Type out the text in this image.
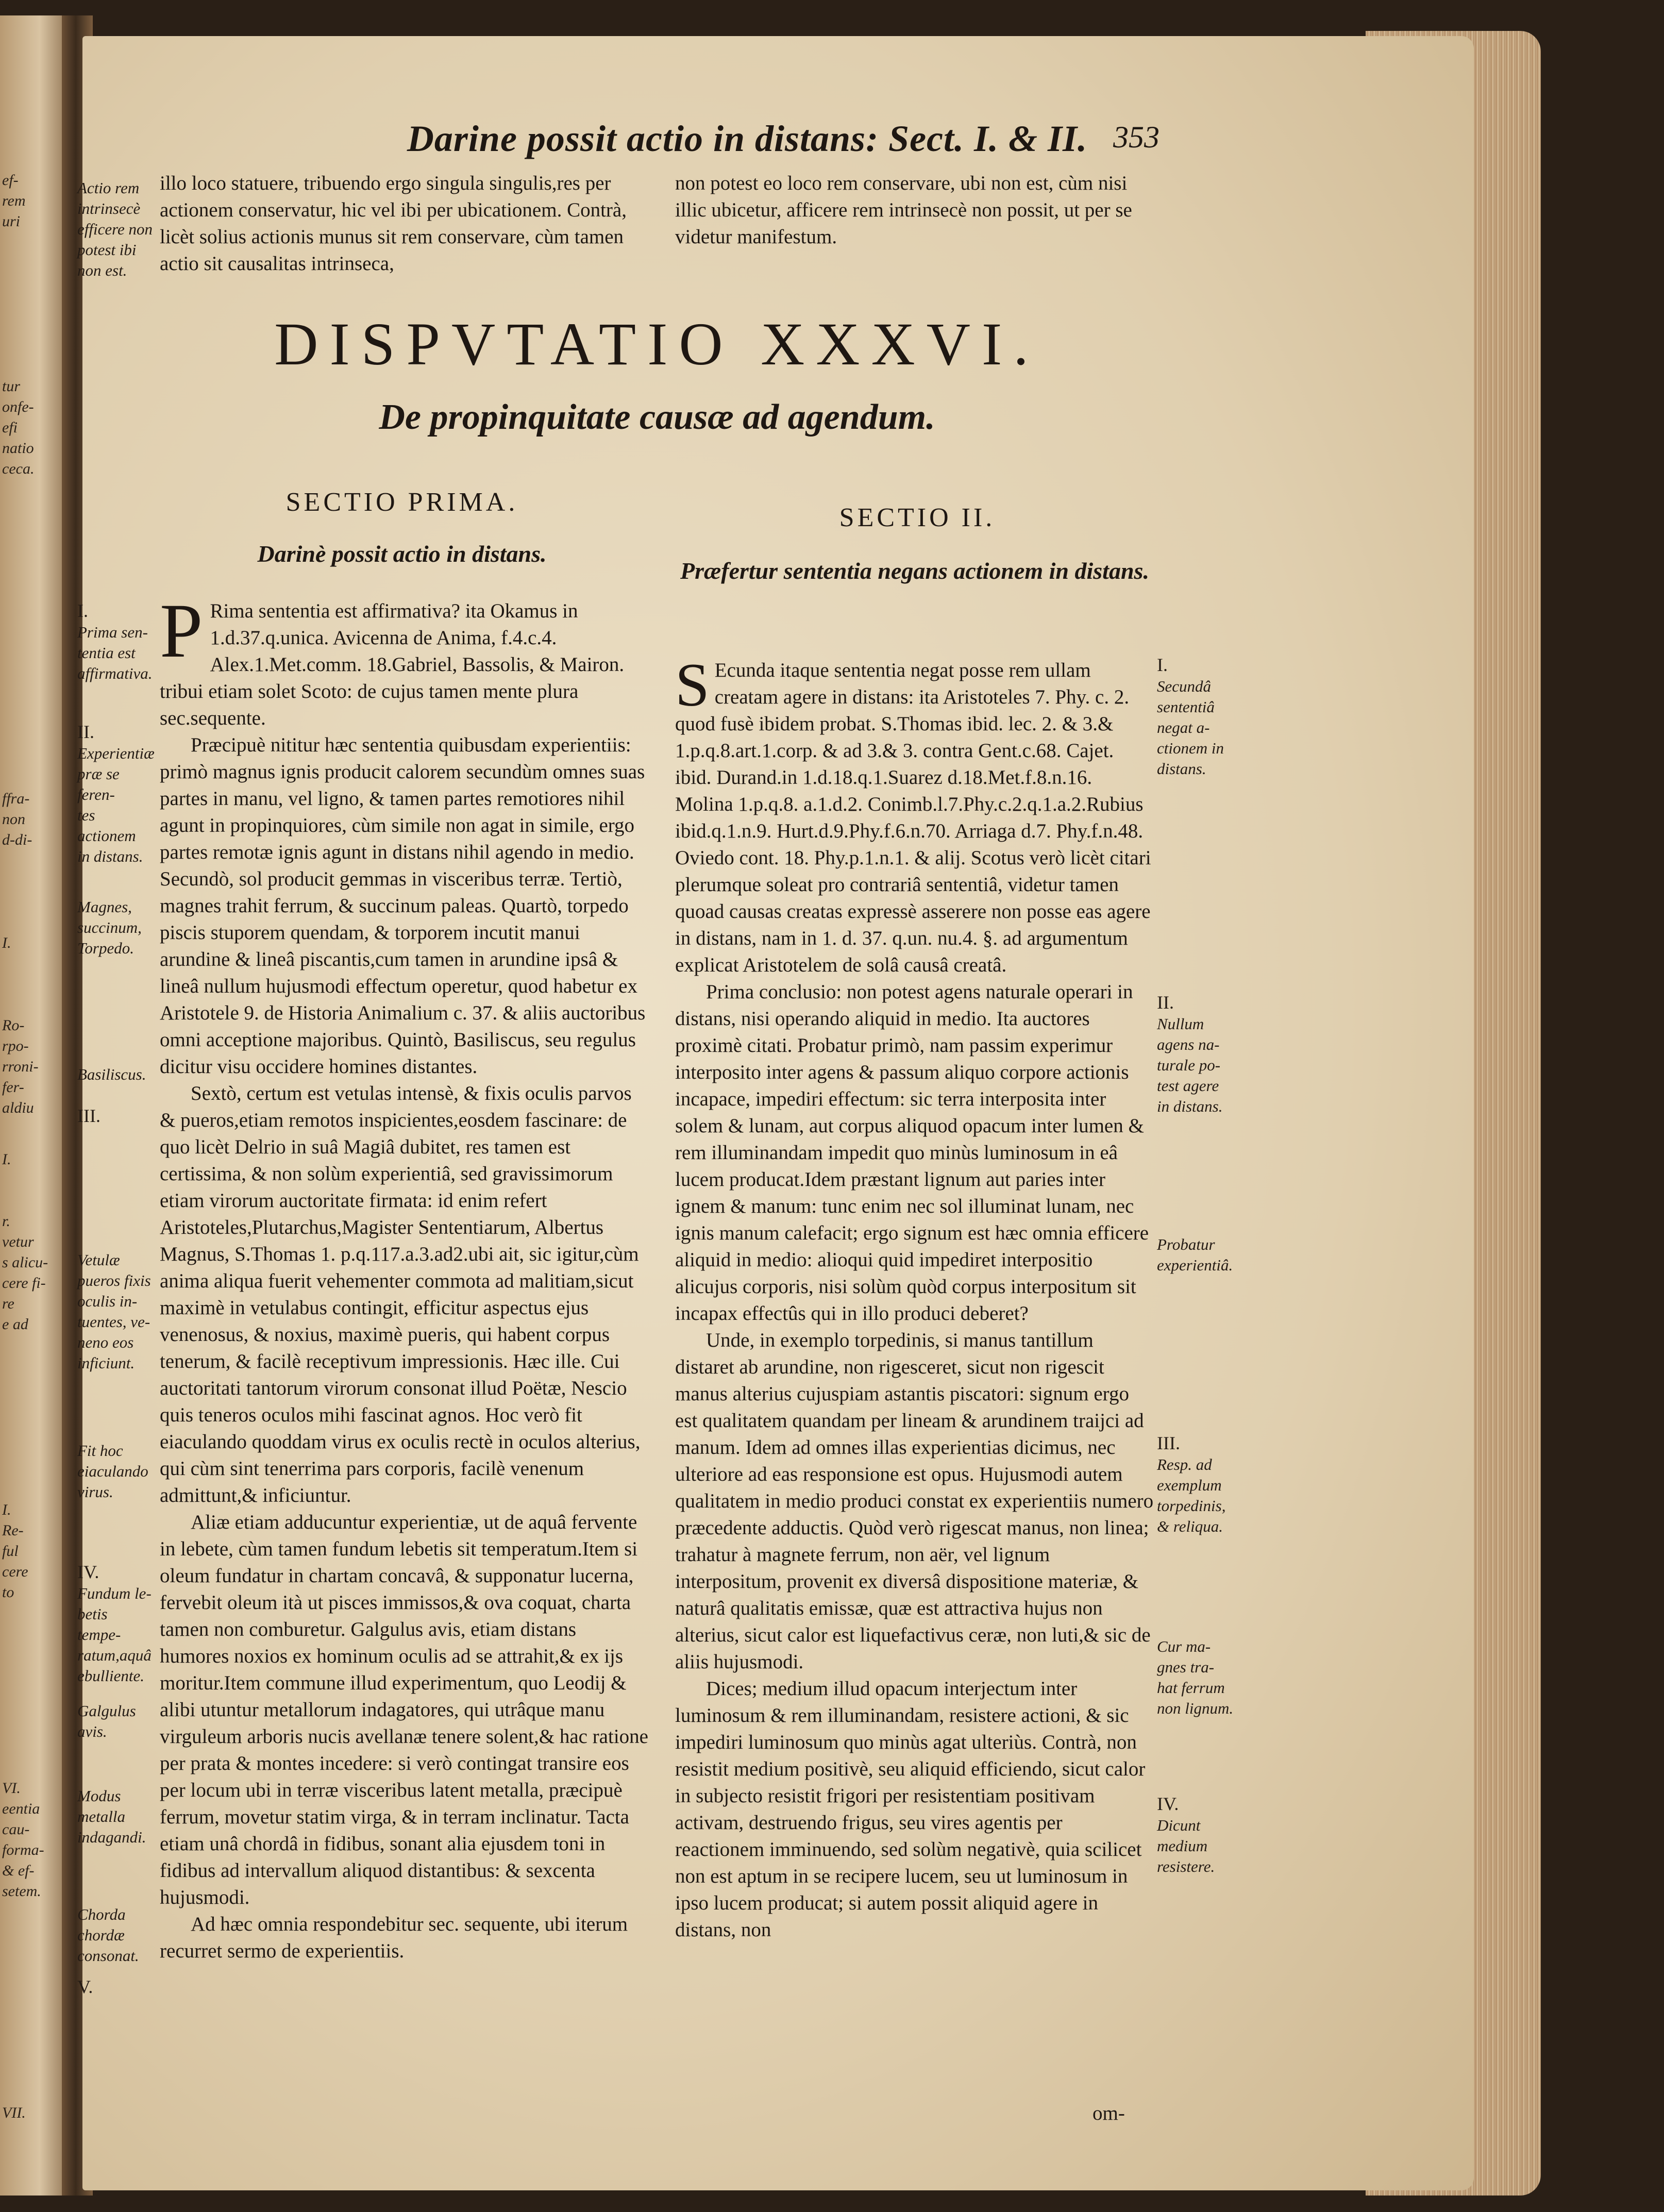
ef-
rem
uri
tur
onfe-
efi
natio
ceca.
ffra-
non
d-di-
I.
Ro-
rpo-
rroni-
fer-
aldiu
I.
r.
vetur
s alicu-
cere fi-
re
e ad
I.
Re-
ful
cere
to
VI.
eentia
cau-
forma-
& ef-
setem.
VII.
Darine possit actio in distans: Sect. I. & II. 353
Actio rem
intrinsecè
efficere non
potest ibi
non est.

illo loco statuere, tribuendo ergo singula singulis,res per actionem conservatur, hic vel ibi per ubicationem. Contrà, licèt solius actionis munus sit rem conservare, cùm tamen actio sit causalitas intrinseca,

non potest eo loco rem conservare, ubi non est, cùm nisi illic ubicetur, afficere rem intrinsecè non possit, ut per se videtur manifestum.

DISPVTATIO XXXVI.
De propinquitate causæ ad agendum.
SECTIO PRIMA.
Darinè possit actio in distans.
SECTIO II.
Præfertur sententia negans actionem in distans.

P Rima sententia est affirmativa? ita Okamus in 1.d.37.q.unica. Avicenna de Anima, f.4.c.4. Alex.1.Met.comm. 18.Gabriel, Bassolis, & Mairon. tribui etiam solet Scoto: de cujus tamen mente plura sec.sequente.

Præcipuè nititur hæc sententia quibusdam experientiis: primò magnus ignis producit calorem secundùm omnes suas partes in manu, vel ligno, & tamen partes remotiores nihil agunt in propinquiores, cùm simile non agat in simile, ergo partes remotæ ignis agunt in distans nihil agendo in medio. Secundò, sol producit gemmas in visceribus terræ. Tertiò, magnes trahit ferrum, & succinum paleas. Quartò, torpedo piscis stuporem quendam, & torporem incutit manui arundine & lineâ piscantis,cum tamen in arundine ipsâ & lineâ nullum hujusmodi effectum operetur, quod habetur ex Aristotele 9. de Historia Animalium c. 37. & aliis auctoribus omni acceptione majoribus. Quintò, Basiliscus, seu regulus dicitur visu occidere homines distantes.

Sextò, certum est vetulas intensè, & fixis oculis parvos & pueros,etiam remotos inspicientes,eosdem fascinare: de quo licèt Delrio in suâ Magiâ dubitet, res tamen est certissima, & non solùm experientiâ, sed gravissimorum etiam virorum auctoritate firmata: id enim refert Aristoteles,Plutarchus,Magister Sententiarum, Albertus Magnus, S.Thomas 1. p.q.117.a.3.ad2.ubi ait, sic igitur,cùm anima aliqua fuerit vehementer commota ad malitiam,sicut maximè in vetulabus contingit, efficitur aspectus ejus venenosus, & noxius, maximè pueris, qui habent corpus tenerum, & facilè receptivum impressionis. Hæc ille. Cui auctoritati tantorum virorum consonat illud Poëtæ, Nescio quis teneros oculos mihi fascinat agnos. Hoc verò fit eiaculando quoddam virus ex oculis rectè in oculos alterius, qui cùm sint tenerrima pars corporis, facilè venenum admittunt,& inficiuntur.

Aliæ etiam adducuntur experientiæ, ut de aquâ fervente in lebete, cùm tamen fundum lebetis sit temperatum.Item si oleum fundatur in chartam concavâ, & supponatur lucerna, fervebit oleum ità ut pisces immissos,& ova coquat, charta tamen non comburetur. Galgulus avis, etiam distans humores noxios ex hominum oculis ad se attrahit,& ex ijs moritur.Item commune illud experimentum, quo Leodij & alibi utuntur metallorum indagatores, qui utrâque manu virguleum arboris nucis avellanæ tenere solent,& hac ratione per prata & montes incedere: si verò contingat transire eos per locum ubi in terræ visceribus latent metalla, præcipuè ferrum, movetur statim virga, & in terram inclinatur. Tacta etiam unâ chordâ in fidibus, sonant alia ejusdem toni in fidibus ad intervallum aliquod distantibus: & sexcenta hujusmodi.

Ad hæc omnia respondebitur sec. sequente, ubi iterum recurret sermo de experientiis.

I.
Prima sen-
tentia est
affirmativa.
II.
Experientiæ
præ se feren-
tes actionem
in distans.
Magnes,
succinum,
Torpedo.
Basiliscus.
III.
Vetulæ
pueros fixis
oculis in-
tuentes, ve-
neno eos
inficiunt.
Fit hoc
eiaculando
virus.
IV.
Fundum le-
betis tempe-
ratum,aquâ
ebulliente.
Galgulus
avis.
Modus
metalla
indagandi.
Chorda
chordæ
consonat.
V.

S Ecunda itaque sententia negat posse rem ullam creatam agere in distans: ita Aristoteles 7. Phy. c. 2. quod fusè ibidem probat. S.Thomas ibid. lec. 2. & 3.& 1.p.q.8.art.1.corp. & ad 3.& 3. contra Gent.c.68. Cajet. ibid. Durand.in 1.d.18.q.1.Suarez d.18.Met.f.8.n.16. Molina 1.p.q.8. a.1.d.2. Conimb.l.7.Phy.c.2.q.1.a.2.Rubius ibid.q.1.n.9. Hurt.d.9.Phy.f.6.n.70. Arriaga d.7. Phy.f.n.48. Oviedo cont. 18. Phy.p.1.n.1. & alij. Scotus verò licèt citari plerumque soleat pro contrariâ sententiâ, videtur tamen quoad causas creatas expressè asserere non posse eas agere in distans, nam in 1. d. 37. q.un. nu.4. §. ad argumentum explicat Aristotelem de solâ causâ creatâ.

Prima conclusio: non potest agens naturale operari in distans, nisi operando aliquid in medio. Ita auctores proximè citati. Probatur primò, nam passim experimur interposito inter agens & passum aliquo corpore actionis incapace, impediri effectum: sic terra interposita inter solem & lunam, aut corpus aliquod opacum inter lumen & rem illuminandam impedit quo minùs luminosum in eâ lucem producat.Idem præstant lignum aut paries inter ignem & manum: tunc enim nec sol illuminat lunam, nec ignis manum calefacit; ergo signum est hæc omnia efficere aliquid in medio: alioqui quid impediret interpositio alicujus corporis, nisi solùm quòd corpus interpositum sit incapax effectûs qui in illo produci deberet?

Unde, in exemplo torpedinis, si manus tantillum distaret ab arundine, non rigesceret, sicut non rigescit manus alterius cujuspiam astantis piscatori: signum ergo est qualitatem quandam per lineam & arundinem traijci ad manum. Idem ad omnes illas experientias dicimus, nec ulteriore ad eas responsione est opus. Hujusmodi autem qualitatem in medio produci constat ex experientiis numero præcedente adductis. Quòd verò rigescat manus, non linea; trahatur à magnete ferrum, non aër, vel lignum interpositum, provenit ex diversâ dispositione materiæ, & naturâ qualitatis emissæ, quæ est attractiva hujus non alterius, sicut calor est liquefactivus ceræ, non luti,& sic de aliis hujusmodi.

Dices; medium illud opacum interjectum inter luminosum & rem illuminandam, resistere actioni, & sic impediri luminosum quo minùs agat ulteriùs. Contrà, non resistit medium positivè, seu aliquid efficiendo, sicut calor in subjecto resistit frigori per resistentiam positivam activam, destruendo frigus, seu vires agentis per reactionem imminuendo, sed solùm negativè, quia scilicet non est aptum in se recipere lucem, seu ut luminosum in ipso lucem producat; si autem possit aliquid agere in distans, non

om-
I.
Secundâ
sententiâ
negat a-
ctionem in
distans.
II.
Nullum
agens na-
turale po-
test agere
in distans.
Probatur
experientiâ.
III.
Resp. ad
exemplum
torpedinis,
& reliqua.
Cur ma-
gnes tra-
hat ferrum
non lignum.
IV.
Dicunt
medium
resistere.
